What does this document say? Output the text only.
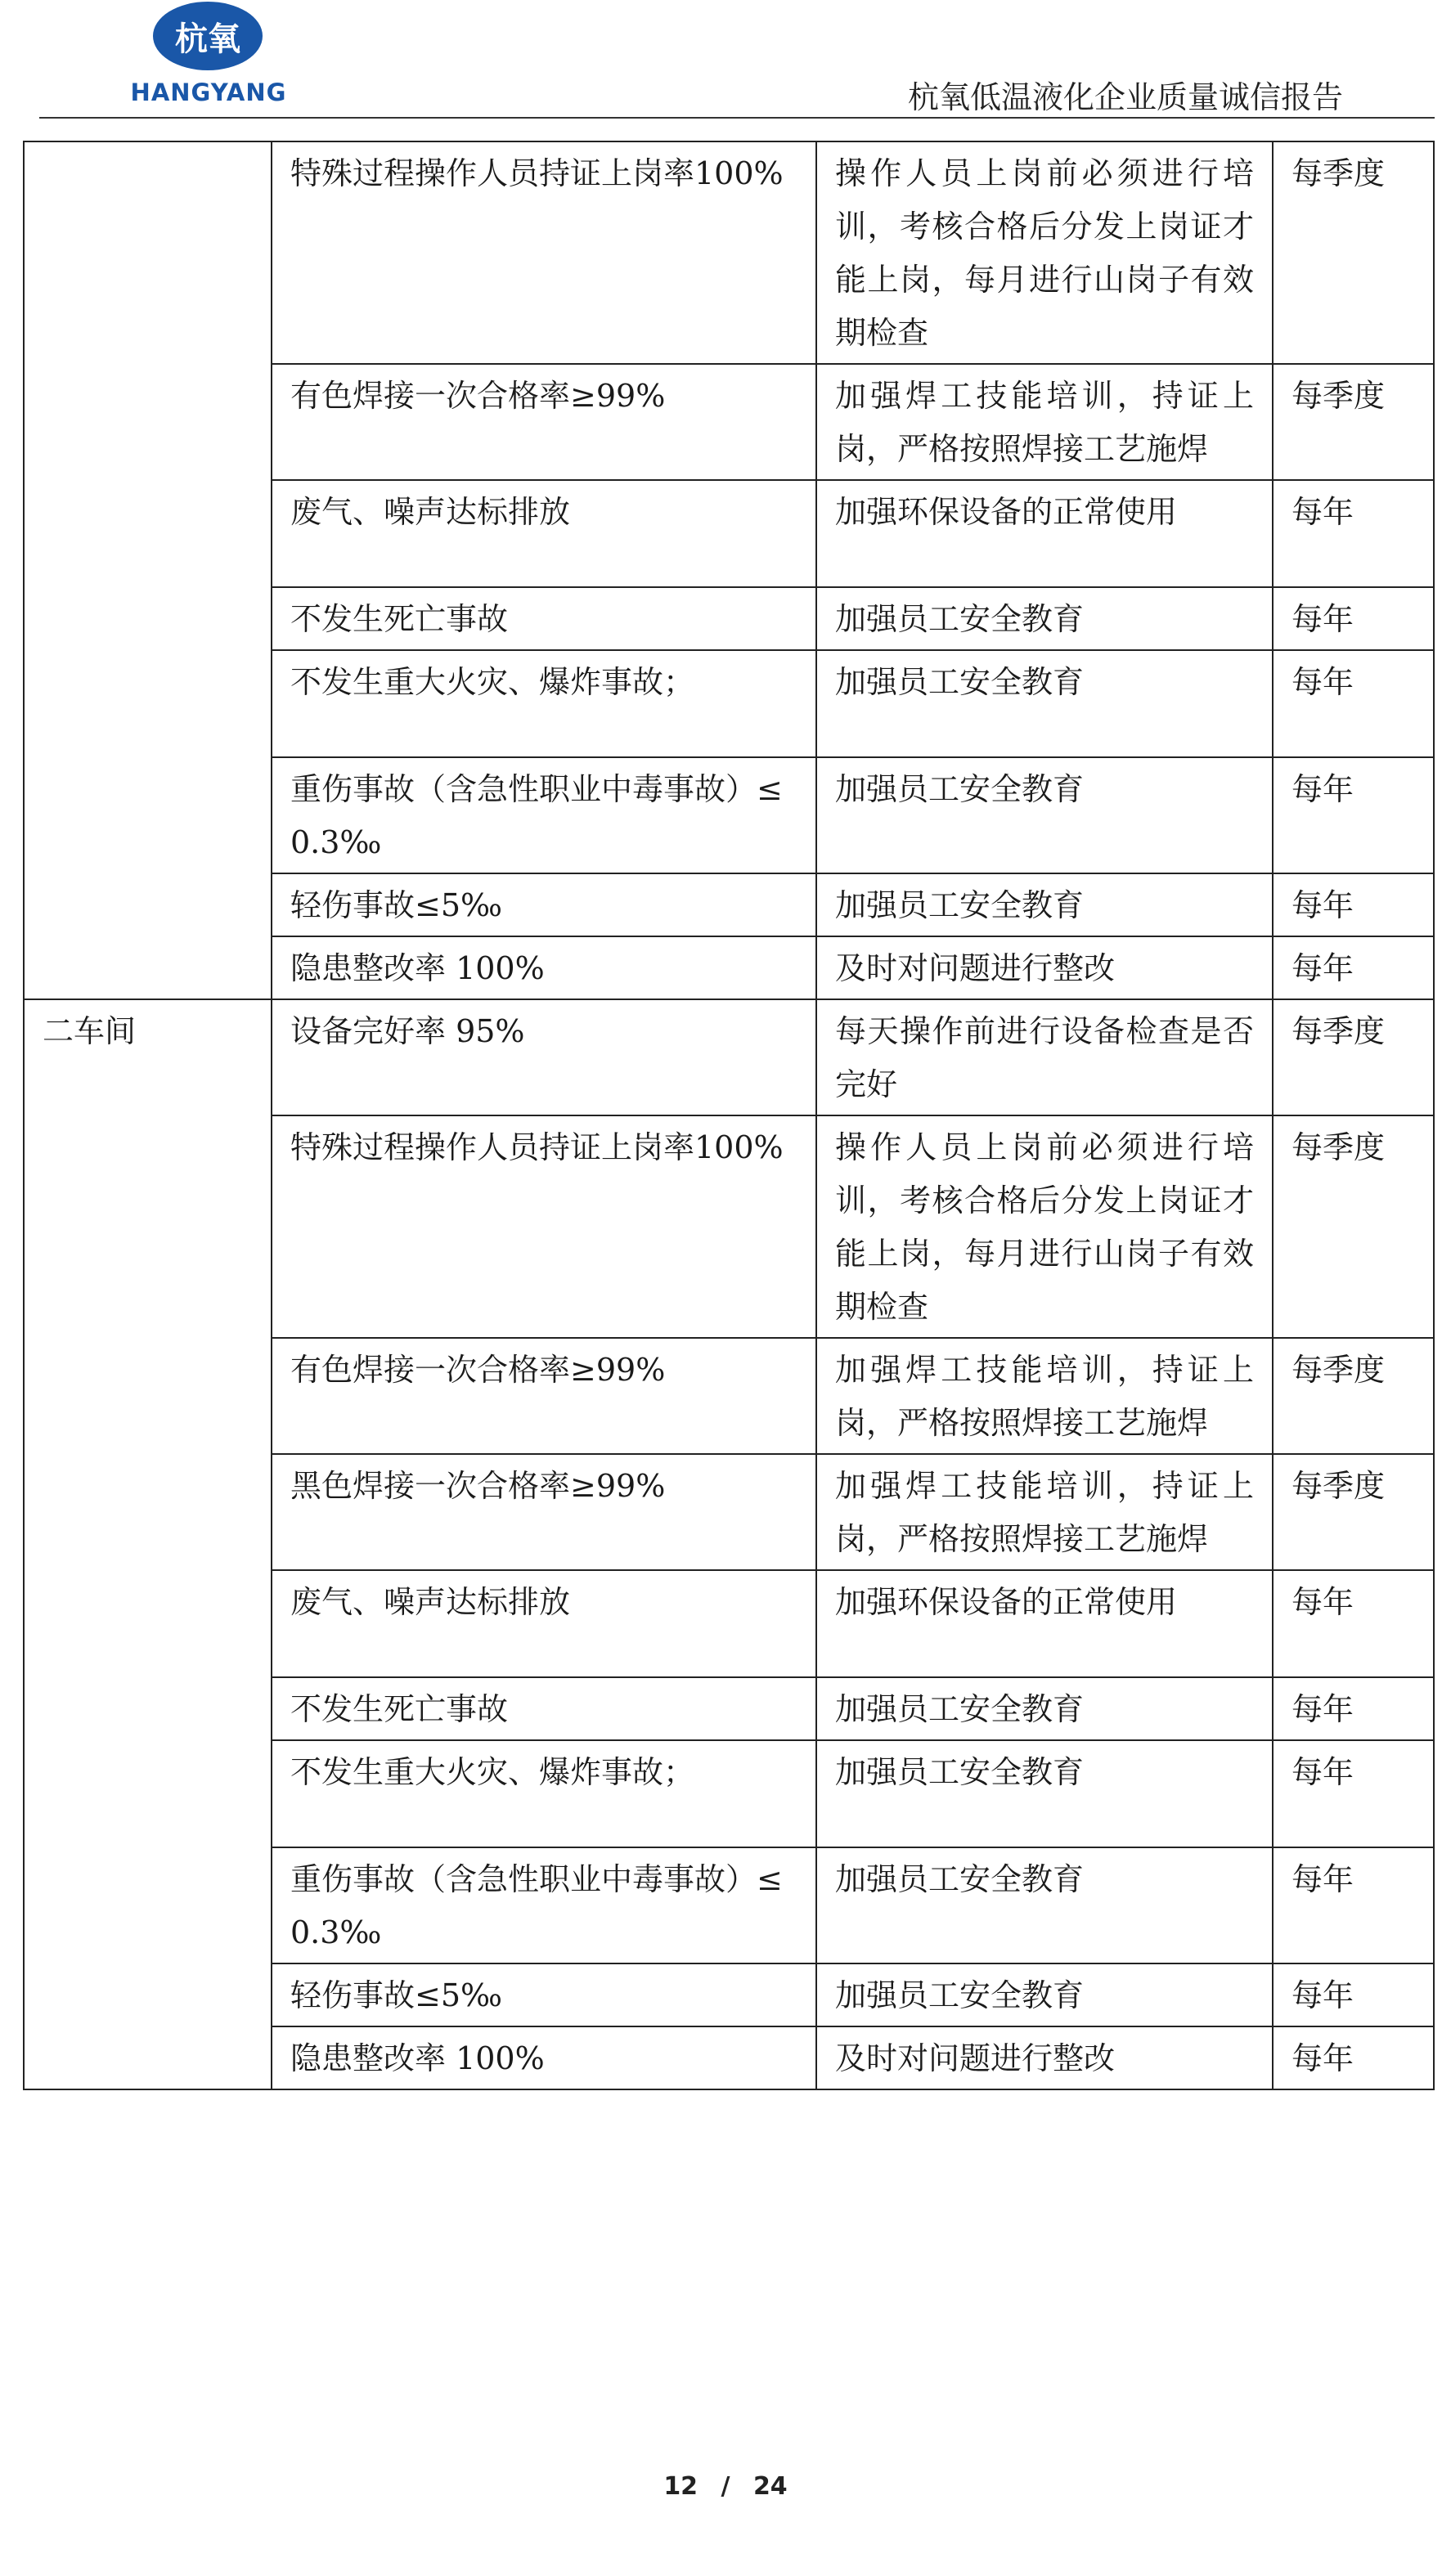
杭氧
HANGYANG	杭氧低温液化企业质量诚信报告
	特殊过程操作人员持证上岗率100%	操作人员上岗前必须进行培训，考核合格后分发上岗证才能上岗，每月进行山岗子有效期检查	每季度
	有色焊接一次合格率≥99%	加强焊工技能培训，持证上岗，严格按照焊接工艺施焊	每季度
	废气、噪声达标排放	加强环保设备的正常使用	每年
	不发生死亡事故	加强员工安全教育	每年
	不发生重大火灾、爆炸事故；	加强员工安全教育	每年
	重伤事故（含急性职业中毒事故）≤0.3‰	加强员工安全教育	每年
	轻伤事故≤5‰	加强员工安全教育	每年
	隐患整改率 100%	及时对问题进行整改	每年
二车间	设备完好率 95%	每天操作前进行设备检查是否完好	每季度
	特殊过程操作人员持证上岗率100%	操作人员上岗前必须进行培训，考核合格后分发上岗证才能上岗，每月进行山岗子有效期检查	每季度
	有色焊接一次合格率≥99%	加强焊工技能培训，持证上岗，严格按照焊接工艺施焊	每季度
	黑色焊接一次合格率≥99%	加强焊工技能培训，持证上岗，严格按照焊接工艺施焊	每季度
	废气、噪声达标排放	加强环保设备的正常使用	每年
	不发生死亡事故	加强员工安全教育	每年
	不发生重大火灾、爆炸事故；	加强员工安全教育	每年
	重伤事故（含急性职业中毒事故）≤0.3‰	加强员工安全教育	每年
	轻伤事故≤5‰	加强员工安全教育	每年
	隐患整改率 100%	及时对问题进行整改	每年
12 / 24
